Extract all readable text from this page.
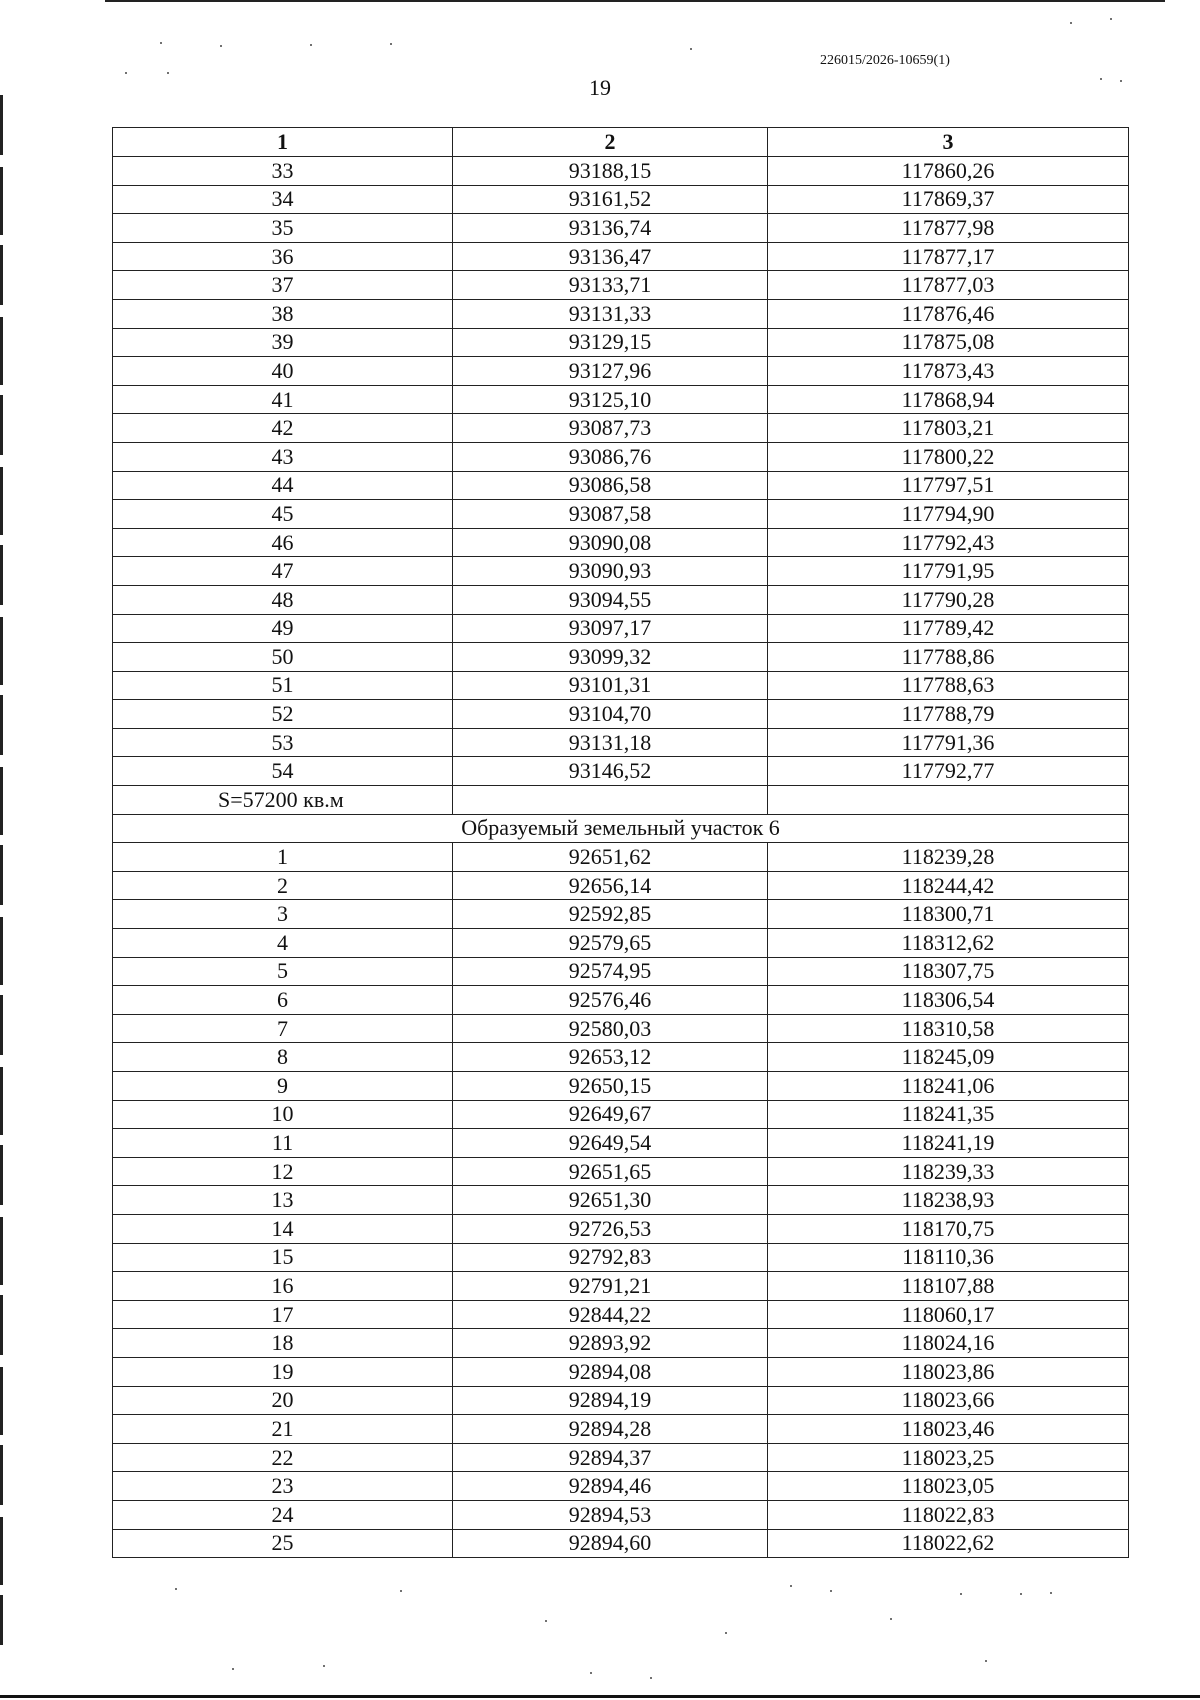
226015/2026-10659(1)
19
1	2	3
33	93188,15	117860,26
34	93161,52	117869,37
35	93136,74	117877,98
36	93136,47	117877,17
37	93133,71	117877,03
38	93131,33	117876,46
39	93129,15	117875,08
40	93127,96	117873,43
41	93125,10	117868,94
42	93087,73	117803,21
43	93086,76	117800,22
44	93086,58	117797,51
45	93087,58	117794,90
46	93090,08	117792,43
47	93090,93	117791,95
48	93094,55	117790,28
49	93097,17	117789,42
50	93099,32	117788,86
51	93101,31	117788,63
52	93104,70	117788,79
53	93131,18	117791,36
54	93146,52	117792,77
S=57200 кв.м		
Образуемый земельный участок 6		
1	92651,62	118239,28
2	92656,14	118244,42
3	92592,85	118300,71
4	92579,65	118312,62
5	92574,95	118307,75
6	92576,46	118306,54
7	92580,03	118310,58
8	92653,12	118245,09
9	92650,15	118241,06
10	92649,67	118241,35
11	92649,54	118241,19
12	92651,65	118239,33
13	92651,30	118238,93
14	92726,53	118170,75
15	92792,83	118110,36
16	92791,21	118107,88
17	92844,22	118060,17
18	92893,92	118024,16
19	92894,08	118023,86
20	92894,19	118023,66
21	92894,28	118023,46
22	92894,37	118023,25
23	92894,46	118023,05
24	92894,53	118022,83
25	92894,60	118022,62
